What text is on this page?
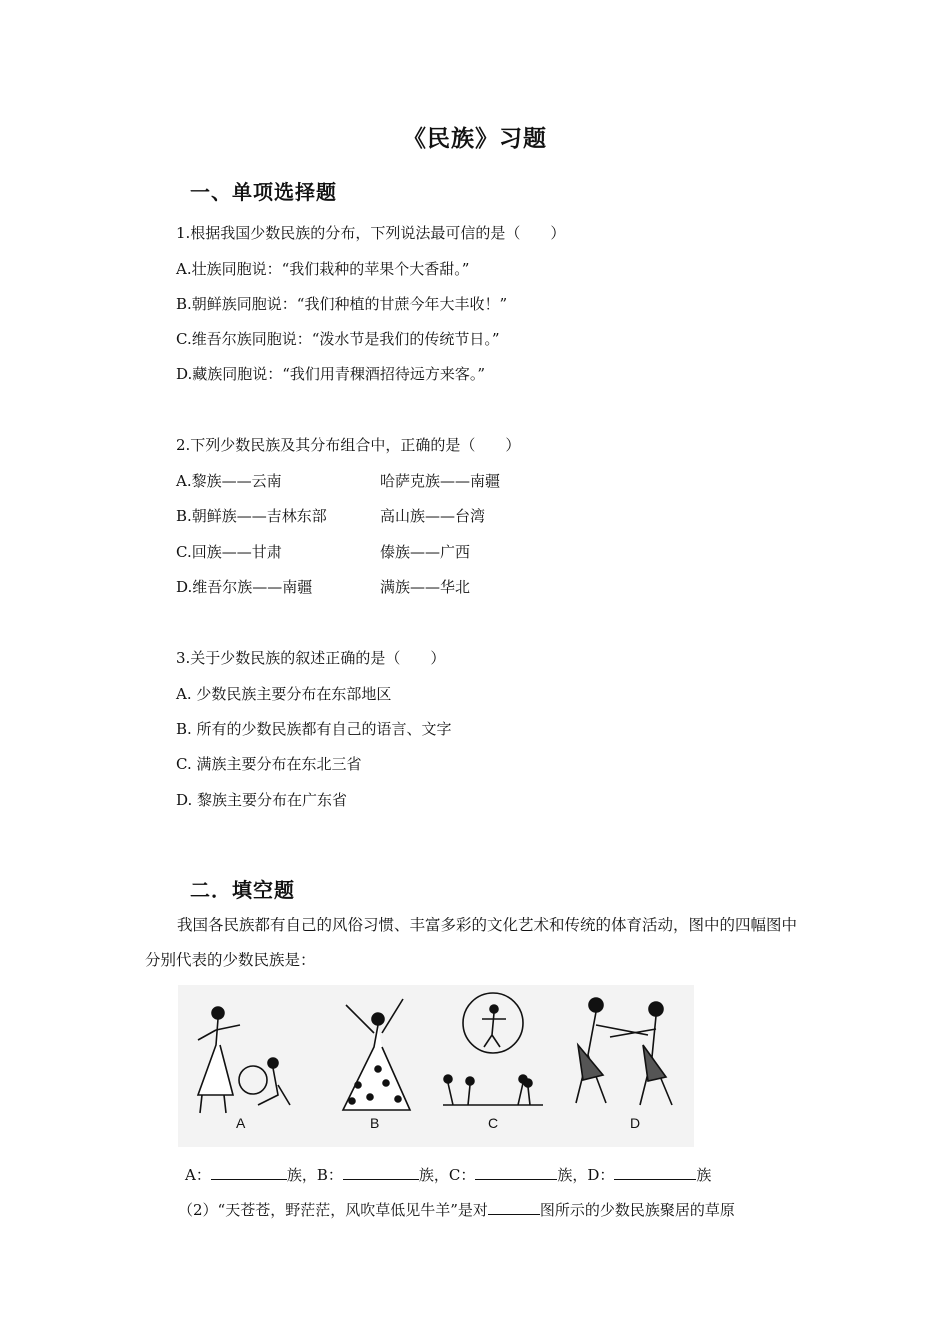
《民族》习题
一、单项选择题
1.根据我国少数民族的分布，下列说法最可信的是（　　）
A.壮族同胞说：“我们栽种的苹果个大香甜。”
B.朝鲜族同胞说：“我们种植的甘蔗今年大丰收！”
C.维吾尔族同胞说：“泼水节是我们的传统节日。”
D.藏族同胞说：“我们用青稞酒招待远方来客。”
2.下列少数民族及其分布组合中，正确的是（　　）
A.黎族——云南	哈萨克族——南疆
B.朝鲜族——吉林东部	高山族——台湾
C.回族——甘肃	傣族——广西
D.维吾尔族——南疆	满族——华北
3.关于少数民族的叙述正确的是（　　）
A. 少数民族主要分布在东部地区
B. 所有的少数民族都有自己的语言、文字
C. 满族主要分布在东北三省
D. 黎族主要分布在广东省
二．填空题
我国各民族都有自己的风俗习惯、丰富多彩的文化艺术和传统的体育活动，图中的四幅图中分别代表的少数民族是：
A	B	C	D
A：	族，B：	族，C：	族，D：	族
（2）“天苍苍，野茫茫，风吹草低见牛羊”是对	图所示的少数民族聚居的草原
